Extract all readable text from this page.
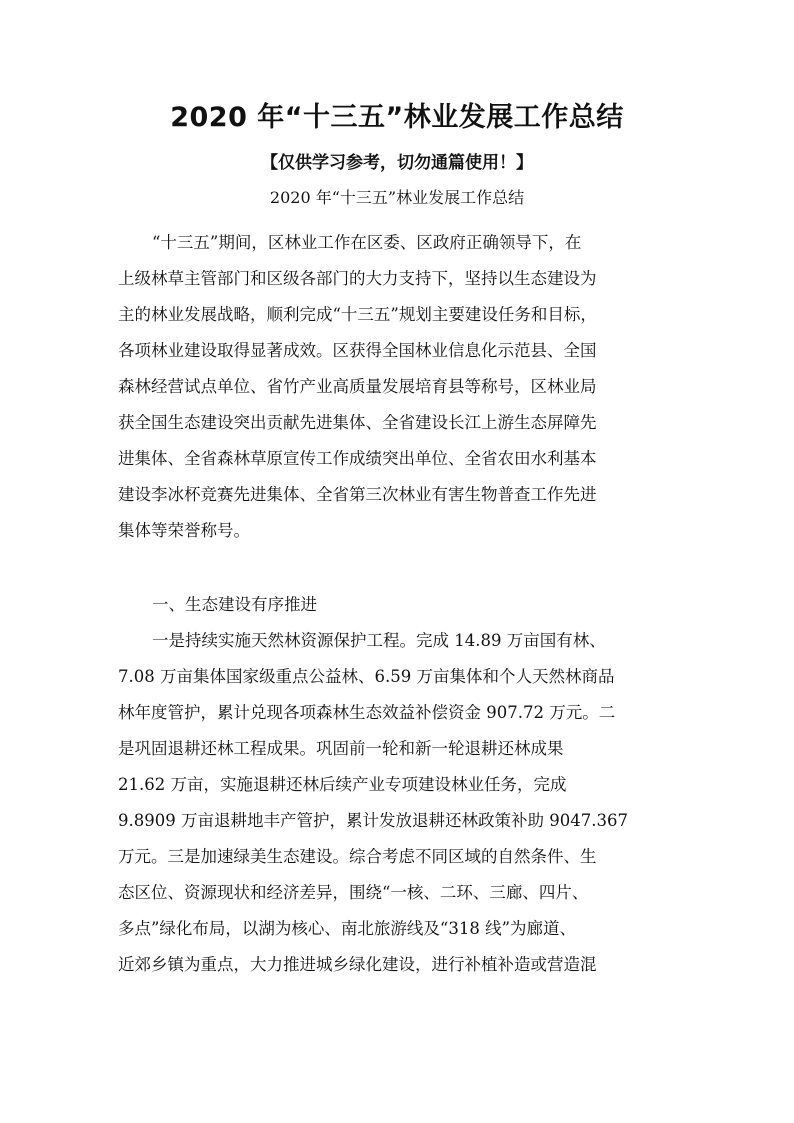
2020 年“十三五”林业发展工作总结
【仅供学习参考，切勿通篇使用！】
2020 年“十三五”林业发展工作总结
“十三五”期间，区林业工作在区委、区政府正确领导下，在
上级林草主管部门和区级各部门的大力支持下，坚持以生态建设为
主的林业发展战略，顺利完成“十三五”规划主要建设任务和目标，
各项林业建设取得显著成效。区获得全国林业信息化示范县、全国
森林经营试点单位、省竹产业高质量发展培育县等称号，区林业局
获全国生态建设突出贡献先进集体、全省建设长江上游生态屏障先
进集体、全省森林草原宣传工作成绩突出单位、全省农田水利基本
建设李冰杯竞赛先进集体、全省第三次林业有害生物普查工作先进
集体等荣誉称号。
一、生态建设有序推进
一是持续实施天然林资源保护工程。完成 14.89 万亩国有林、
7.08 万亩集体国家级重点公益林、6.59 万亩集体和个人天然林商品
林年度管护，累计兑现各项森林生态效益补偿资金 907.72 万元。二
是巩固退耕还林工程成果。巩固前一轮和新一轮退耕还林成果
21.62 万亩，实施退耕还林后续产业专项建设林业任务，完成
9.8909 万亩退耕地丰产管护，累计发放退耕还林政策补助 9047.367
万元。三是加速绿美生态建设。综合考虑不同区域的自然条件、生
态区位、资源现状和经济差异，围绕“一核、二环、三廊、四片、
多点”绿化布局，以湖为核心、南北旅游线及“318 线”为廊道、
近郊乡镇为重点，大力推进城乡绿化建设，进行补植补造或营造混
